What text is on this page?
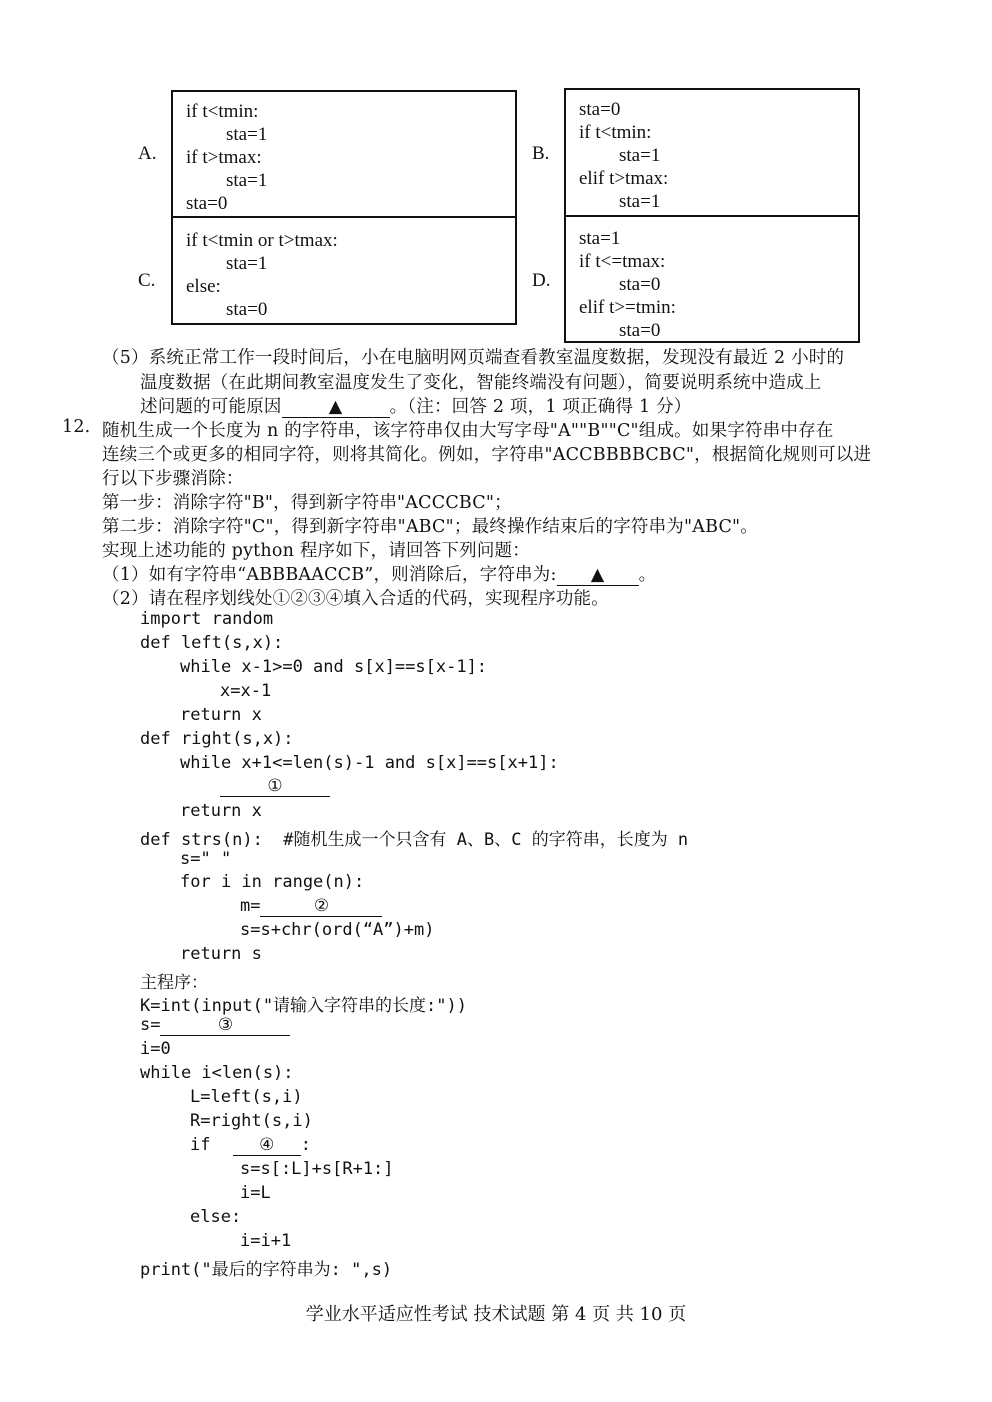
A.
if t<tmin:
sta=1
if t>tmax:
sta=1
sta=0
B.
sta=0
if t<tmin:
sta=1
elif t>tmax:
sta=1
C.
if t<tmin or t>tmax:
sta=1
else:
sta=0
D.
sta=1
if t<=tmax:
sta=0
elif t>=tmin:
sta=0
（5）系统正常工作一段时间后，小在电脑明网页端查看教室温度数据，发现没有最近 2 小时的
温度数据（在此期间教室温度发生了变化，智能终端没有问题），简要说明系统中造成上
述问题的可能原因	▲	。（注：回答 2 项，1 项正确得 1 分）
12. 随机生成一个长度为 n 的字符串，该字符串仅由大写字母"A""B""C"组成。如果字符串中存在
连续三个或更多的相同字符，则将其简化。例如，字符串"ACCBBBBCBC"，根据简化规则可以进
行以下步骤消除：
第一步：消除字符"B"，得到新字符串"ACCCBC"；
第二步：消除字符"C"，得到新字符串"ABC"；最终操作结束后的字符串为"ABC"。
实现上述功能的 python 程序如下，请回答下列问题：
（1）如有字符串“ABBBAACCB”，则消除后，字符串为: ▲ 。
（2）请在程序划线处①②③④填入合适的代码，实现程序功能。
import random
def left(s,x):
while x-1>=0 and s[x]==s[x-1]:
x=x-1
return x
def right(s,x):
while x+1<=len(s)-1 and s[x]==s[x+1]:
①
return x
def strs(n):  #随机生成一个只含有 A、B、C 的字符串，长度为 n
s=" "
for i in range(n):
m=	②
s=s+chr(ord(“A”)+m)
return s
主程序：
K=int(input("请输入字符串的长度:"))
s=	③
i=0
while i<len(s):
L=left(s,i)
R=right(s,i)
if ④ :
s=s[:L]+s[R+1:]
i=L
else:
i=i+1
print("最后的字符串为: ",s)
学业水平适应性考试 技术试题 第 4 页 共 10 页
